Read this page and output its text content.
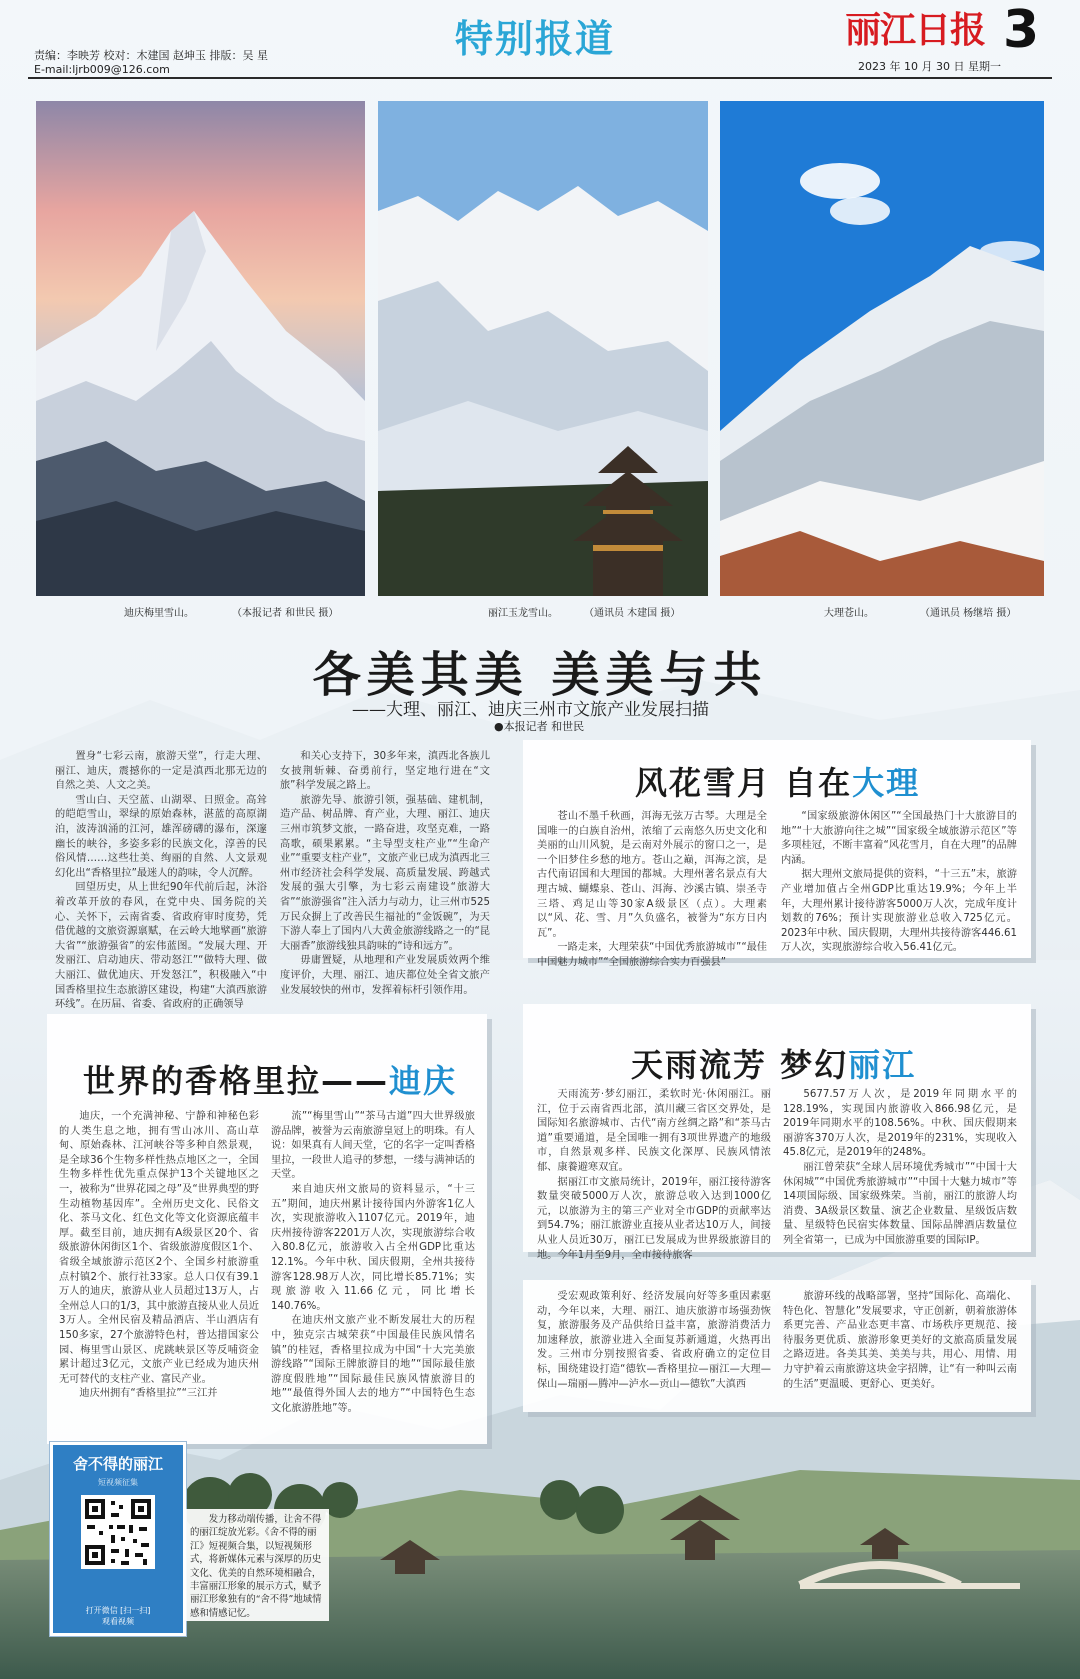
特别报道	丽江日报 3
责编：李映芳 校对：木建国 赵坤玉 排版：吴 星
E-mail:ljrb009@126.com	2023 年 10 月 30 日 星期一
迪庆梅里雪山。	（本报记者 和世民 摄）	丽江玉龙雪山。	（通讯员 木建国 摄）	大理苍山。	（通讯员 杨继培 摄）
各美其美 美美与共
——大理、丽江、迪庆三州市文旅产业发展扫描
●本报记者 和世民

置身“七彩云南，旅游天堂”，行走大理、丽江、迪庆，震撼你的一定是滇西北那无边的自然之美、人文之美。

雪山白、天空蓝、山湖翠、日照金。高耸的皑皑雪山，翠绿的原始森林，湛蓝的高原湖泊，波涛汹涌的江河，雄浑磅礴的瀑布，深邃幽长的峡谷，多姿多彩的民族文化，淳善的民俗风情……这些壮美、绚丽的自然、人文景观幻化出“香格里拉”最迷人的韵味，令人沉醉。

回望历史，从上世纪90年代前后起，沐浴着改革开放的春风，在党中央、国务院的关心、关怀下，云南省委、省政府审时度势，凭借优越的文旅资源禀赋，在云岭大地擘画“旅游大省”“旅游强省”的宏伟蓝图。“发展大理、开发丽江、启动迪庆、带动怒江”“做特大理、做大丽江、做优迪庆、开发怒江”，积极融入“中国香格里拉生态旅游区建设，构建“大滇西旅游环线”。在历届、省委、省政府的正确领导

和关心支持下，30多年来，滇西北各族儿女披荆斩棘、奋勇前行，坚定地行进在“文旅”科学发展之路上。

旅游先导、旅游引领，强基础、建机制，造产品、树品牌、育产业，大理、丽江、迪庆三州市筑梦文旅，一路奋进，攻坚克难，一路高歌，硕果累累。“主导型支柱产业”“生命产业”“重要支柱产业”，文旅产业已成为滇西北三州市经济社会科学发展、高质量发展、跨越式发展的强大引擎，为七彩云南建设“旅游大省”“旅游强省”注入活力与动力，让三州市525万民众摒上了改善民生福祉的“金饭碗”，为天下游人奉上了国内八大黄金旅游线路之一的“昆大丽香”旅游线独具韵味的“诗和远方”。

毋庸置疑，从地理和产业发展质效两个维度评价，大理、丽江、迪庆都位处全省文旅产业发展较快的州市，发挥着标杆引领作用。

风花雪月 自在大理

苍山不墨千秋画，洱海无弦万古琴。大理是全国唯一的白族自治州，浓缩了云南悠久历史文化和美丽的山川风貌，是云南对外展示的窗口之一，是一个旧梦住乡愁的地方。苍山之巅，洱海之滨，是古代南诏国和大理国的都城。大理州著名景点有大理古城、蝴蝶泉、苍山、洱海、沙溪古镇、崇圣寺三塔、鸡足山等30家A级景区（点）。大理素以“风、花、雪、月”久负盛名，被誉为“东方日内瓦”。

一路走来，大理荣获“中国优秀旅游城市”“最佳中国魅力城市”“全国旅游综合实力百强县”

“国家级旅游休闲区”“全国最热门十大旅游目的地”“十大旅游向往之城”“国家级全域旅游示范区”等多项桂冠，不断丰富着“风花雪月，自在大理”的品牌内涵。

据大理州文旅局提供的资料，“十三五”末，旅游产业增加值占全州GDP比重达19.9%；今年上半年，大理州累计接待游客5000万人次，完成年度计划数的76%；预计实现旅游业总收入725亿元。2023年中秋、国庆假期，大理州共接待游客446.61万人次，实现旅游综合收入56.41亿元。

世界的香格里拉——迪庆

迪庆，一个充满神秘、宁静和神秘色彩的人类生息之地，拥有雪山冰川、高山草甸、原始森林、江河峡谷等多种自然景观，是全球36个生物多样性热点地区之一，全国生物多样性优先重点保护13个关键地区之一，被称为“世界花园之母”及“世界典型的野生动植物基因库”。全州历史文化、民俗文化、茶马文化、红色文化等文化资源底蕴丰厚。截至目前，迪庆拥有A级景区20个、省级旅游休闲街区1个、省级旅游度假区1个、省级全域旅游示范区2个、全国乡村旅游重点村镇2个、旅行社33家。总人口仅有39.1万人的迪庆，旅游从业人员超过13万人，占全州总人口的1/3，其中旅游直接从业人员近3万人。全州民宿及精品酒店、半山酒店有150多家，27个旅游特色村，普达措国家公园、梅里雪山景区、虎跳峡景区等反哺资金累计超过3亿元，文旅产业已经成为迪庆州无可替代的支柱产业、富民产业。

迪庆州拥有“香格里拉”“三江并

流”“梅里雪山”“茶马古道”四大世界级旅游品牌，被誉为云南旅游皇冠上的明珠。有人说：如果真有人间天堂，它的名字一定叫香格里拉，一段世人追寻的梦想，一缕与满神话的天堂。

来自迪庆州文旅局的资料显示，“十三五”期间，迪庆州累计接待国内外游客1亿人次，实现旅游收入1107亿元。2019年，迪庆州接待游客2201万人次，实现旅游综合收入80.8亿元，旅游收入占全州GDP比重达12.1%。今年中秋、国庆假期，全州共接待游客128.98万人次，同比增长85.71%；实现旅游收入11.66亿元，同比增长140.76%。

在迪庆州文旅产业不断发展壮大的历程中，独克宗古城荣获“中国最佳民族风情名镇”的桂冠，香格里拉成为中国“十大完美旅游线路”“国际王牌旅游目的地”“国际最佳旅游度假胜地”“国际最佳民族风情旅游目的地”“最值得外国人去的地方”“中国特色生态文化旅游胜地”等。

天雨流芳 梦幻丽江

天雨流芳·梦幻丽江，柔软时光·休闲丽江。丽江，位于云南省西北部，滇川藏三省区交界处，是国际知名旅游城市、古代“南方丝绸之路”和“茶马古道”重要通道，是全国唯一拥有3项世界遗产的地级市，自然景观多样、民族文化深厚、民族风情浓郁、康養避寒双宜。

据丽江市文旅局统计，2019年，丽江接待游客数量突破5000万人次，旅游总收入达到1000亿元，以旅游为主的第三产业对全市GDP的贡献率达到54.7%；丽江旅游业直接从业者达10万人，间接从业人员近30万，丽江已发展成为世界级旅游目的地。今年1月至9月，全市接待旅客

5677.57万人次，是2019年同期水平的128.19%，实现国内旅游收入866.98亿元，是2019年同期水平的108.56%。中秋、国庆假期来丽游客370万人次，是2019年的231%，实现收入45.8亿元，是2019年的248%。

丽江曾荣获“全球人居环境优秀城市”“中国十大休闲城”“中国优秀旅游城市”“中国十大魅力城市”等14项国际级、国家级殊荣。当前，丽江的旅游人均消费、3A级景区数量、演艺企业数量、星级饭店数量、星级特色民宿实体数量、国际品牌酒店数量位列全省第一，已成为中国旅游重要的国际IP。

受宏观政策利好、经济发展向好等多重因素驱动，今年以来，大理、丽江、迪庆旅游市场强劲恢复，旅游服务及产品供给日益丰富，旅游消费活力加速释放，旅游业进入全面复苏新通道，火热再出发。三州市分别按照省委、省政府确立的定位目标，围绕建设打造“德钦—香格里拉—丽江—大理—保山—瑞丽—腾冲—泸水—贡山—德钦”大滇西

旅游环线的战略部署，坚持“国际化、高端化、特色化、智慧化”发展要求，守正创新，朝着旅游体系更完善、产品业态更丰富、市场秩序更规范、接待服务更优质、旅游形象更美好的文旅高质量发展之路迈进。各美其美、美美与共，用心、用情、用力守护着云南旅游这块金字招牌，让“有一种叫云南的生活”更温暖、更舒心、更美好。

舍不得的丽江
短视频征集
打开微信 [扫一扫]
观看视频

发力移动端传播，让舍不得的丽江绽放光彩。《舍不得的丽江》短视频合集，以短视频形式，将新媒体元素与深厚的历史文化、优美的自然环境相融合，丰富丽江形象的展示方式，赋予丽江形象独有的“舍不得”地域情感和情感记忆。
